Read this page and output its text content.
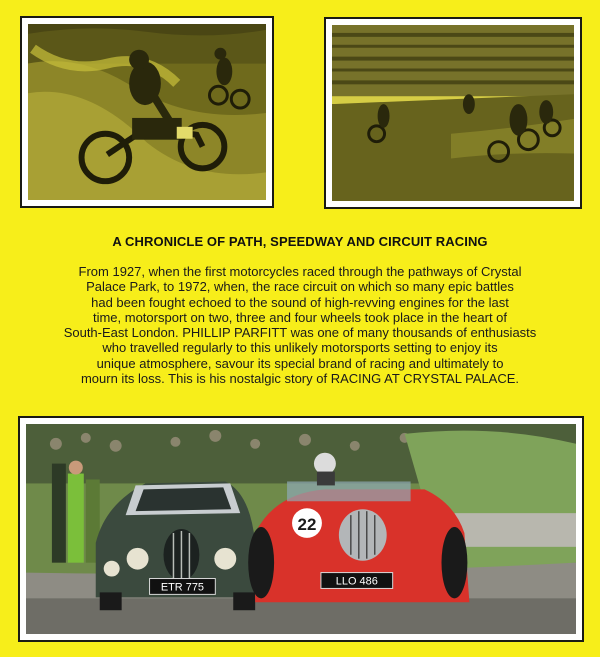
A CHRONICLE OF PATH, SPEEDWAY AND CIRCUIT RACING

From 1927, when the first motorcycles raced through the pathways of Crystal
Palace Park, to 1972, when, the race circuit on which so many epic battles
had been fought echoed to the sound of high-revving engines for the last
time, motorsport on two, three and four wheels took place in the heart of
South-East London. PHILLIP PARFITT was one of many thousands of enthusiasts
who travelled regularly to this unlikely motorsports setting to enjoy its
unique atmosphere, savour its special brand of racing and ultimately to
mourn its loss. This is his nostalgic story of RACING AT CRYSTAL PALACE.

ETR 775
22
LLO 486
